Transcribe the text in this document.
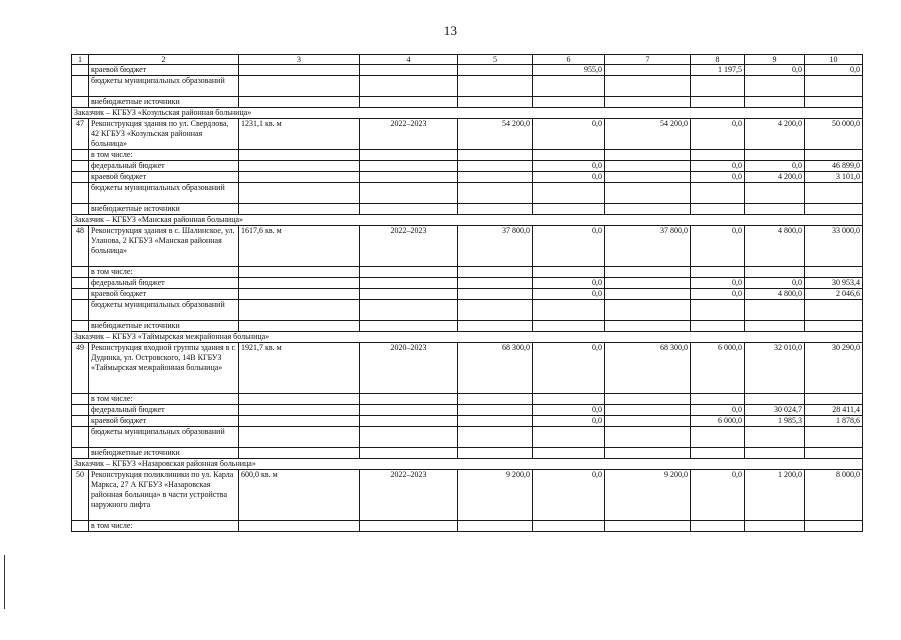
13
1	2	3	4	5	6	7	8	9	10
	краевой бюджет				955,0		1 197,5	0,0	0,0
	бюджеты муниципальных образований								
	внебюджетные источники								
Заказчик – КГБУЗ «Козульская районная больница»									
47	Реконструкция здания по ул. Свердлова, 42 КГБУЗ «Козульская районная больница»	1231,1 кв. м	2022–2023	54 200,0	0,0	54 200,0	0,0	4 200,0	50 000,0
	в том числе:								
	федеральный бюджет				0,0		0,0	0,0	46 899,0
	краевой бюджет				0,0		0,0	4 200,0	3 101,0
	бюджеты муниципальных образований								
	внебюджетные источники								
Заказчик – КГБУЗ «Манская районная больница»									
48	Реконструкция здания в с. Шалинское, ул. Уланова, 2 КГБУЗ «Манская районная больница»	1617,6 кв. м	2022–2023	37 800,0	0,0	37 800,0	0,0	4 800,0	33 000,0
	в том числе:								
	федеральный бюджет				0,0		0,0	0,0	30 953,4
	краевой бюджет				0,0		0,0	4 800,0	2 046,6
	бюджеты муниципальных образований								
	внебюджетные источники								
Заказчик – КГБУЗ «Таймырская межрайонная больница»									
49	Реконструкция входной группы здания в г. Дудинка, ул. Островского, 14В КГБУЗ «Таймырская межрайонная больница»	1921,7 кв. м	2020–2023	68 300,0	0,0	68 300,0	6 000,0	32 010,0	30 290,0
	в том числе:								
	федеральный бюджет				0,0		0,0	30 024,7	28 411,4
	краевой бюджет				0,0		6 000,0	1 985,3	1 878,6
	бюджеты муниципальных образований								
	внебюджетные источники								
Заказчик – КГБУЗ «Назаровская районная больница»									
50	Реконструкция поликлиники по ул. Карла Маркса, 27 А КГБУЗ «Назаровская районная больница» в части устройства наружного лифта	600,0 кв. м	2022–2023	9 200,0	0,0	9 200,0	0,0	1 200,0	8 000,0
	в том числе:								
